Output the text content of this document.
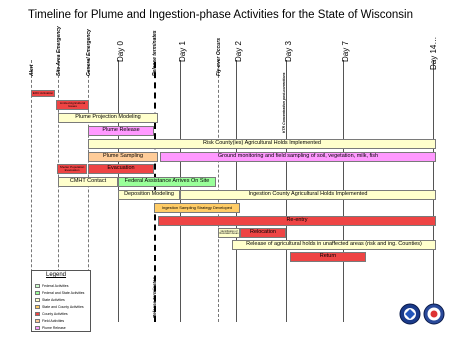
Timeline for Plume and Ingestion-phase Activities for the State of Wisconsin
Alert	Site Area Emergency	General Emergency	Day 0	Release terminates	Day 1	Fly-over Occurs Day 2	Day 3
KTR Concentration post-corrections
Day 7	Day 14…
Release terminates
EOC Activation
Limited Agricultural Issues
Plume Projection Modeling
Plume Release
Risk County(ies) Agricultural Holds Implemented
Plume Sampling	Ground monitoring and field sampling of soil, vegetation, milk, fish
Shelter Population Evacuation	Evacuation
CMHT Contact	Federal Assistance Arrives On Site
Deposition Modeling	Ingestion County Agricultural Holds Implemented
Ingestion Sampling Strategy Developed
Re-entry
Identification of Relocation Areas	Relocation
Release of agricultural holds in unaffected areas (risk and ing. Counties)
Return
Legend
Federal Activities
Federal and State Activities
State Activities
State and County Activities
County Activities
Field Activities
Plume Release
